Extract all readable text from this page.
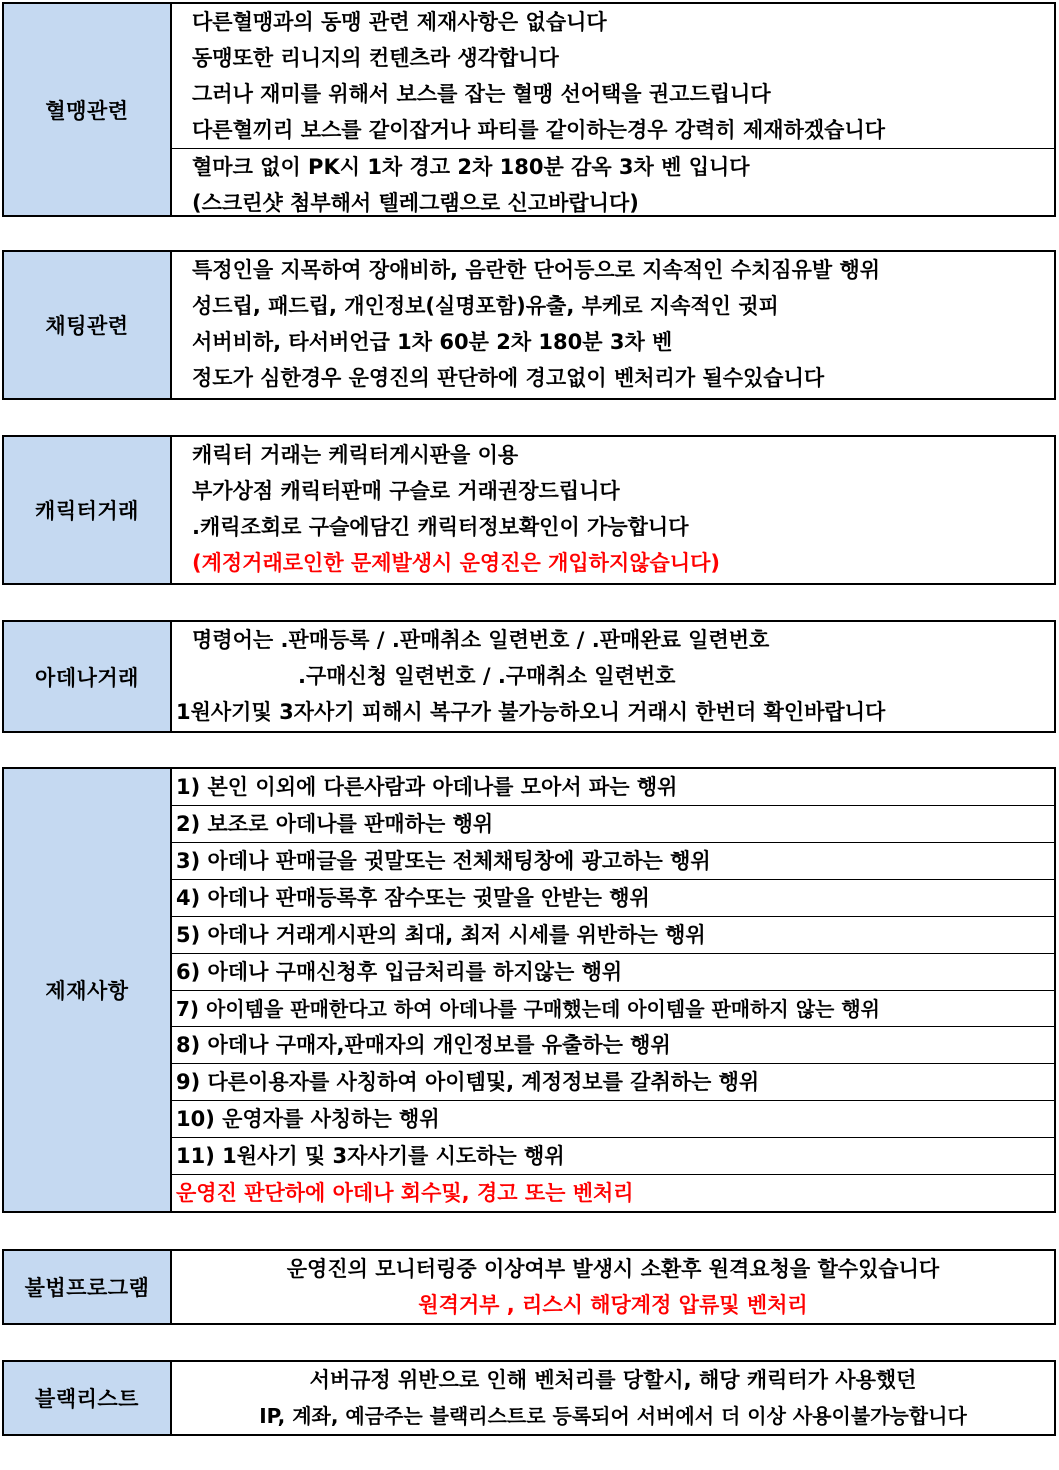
혈맹관련
다른혈맹과의 동맹 관련 제재사항은 없습니다
동맹또한 리니지의 컨텐츠라 생각합니다
그러나 재미를 위해서 보스를 잡는 혈맹 선어택을 권고드립니다
다른혈끼리 보스를 같이잡거나 파티를 같이하는경우 강력히 제재하겠습니다
혈마크 없이 PK시 1차 경고 2차 180분 감옥 3차 벤 입니다
(스크린샷 첨부해서 텔레그램으로 신고바랍니다)
채팅관련
특정인을 지목하여 장애비하, 음란한 단어등으로 지속적인 수치짐유발 행위
성드립, 패드립, 개인정보(실명포함)유출, 부케로 지속적인 귓피
서버비하, 타서버언급 1차 60분 2차 180분 3차 벤
정도가 심한경우 운영진의 판단하에 경고없이 벤처리가 될수있습니다
캐릭터거래
캐릭터 거래는 케릭터게시판을 이용
부가상점 캐릭터판매 구슬로 거래권장드립니다
.캐릭조회로 구슬에담긴 캐릭터정보확인이 가능합니다
(계정거래로인한 문제발생시 운영진은 개입하지않습니다)
아데나거래
명령어는 .판매등록 / .판매취소 일련번호 / .판매완료 일련번호
.구매신청 일련번호 / .구매취소 일련번호
1원사기및 3자사기 피해시 복구가 불가능하오니 거래시 한번더 확인바랍니다
제재사항
1) 본인 이외에 다른사람과 아데나를 모아서 파는 행위
2) 보조로 아데나를 판매하는 행위
3) 아데나 판매글을 귓말또는 전체채팅창에 광고하는 행위
4) 아데나 판매등록후 잠수또는 귓말을 안받는 행위
5) 아데나 거래게시판의 최대, 최저 시세를 위반하는 행위
6) 아데나 구매신청후 입금처리를 하지않는 행위
7) 아이템을 판매한다고 하여 아데나를 구매했는데 아이템을 판매하지 않는 행위
8) 아데나 구매자,판매자의 개인정보를 유출하는 행위
9) 다른이용자를 사칭하여 아이템및, 계정정보를 갈취하는 행위
10) 운영자를 사칭하는 행위
11) 1원사기 및 3자사기를 시도하는 행위
운영진 판단하에 아데나 회수및, 경고 또는 벤처리
불법프로그램
운영진의 모니터링중 이상여부 발생시 소환후 원격요청을 할수있습니다
원격거부 , 리스시 해당계정 압류및 벤처리
블랙리스트
서버규정 위반으로 인해 벤처리를 당할시, 해당 캐릭터가 사용했던
IP, 계좌, 예금주는 블랙리스트로 등록되어 서버에서 더 이상 사용이불가능합니다
